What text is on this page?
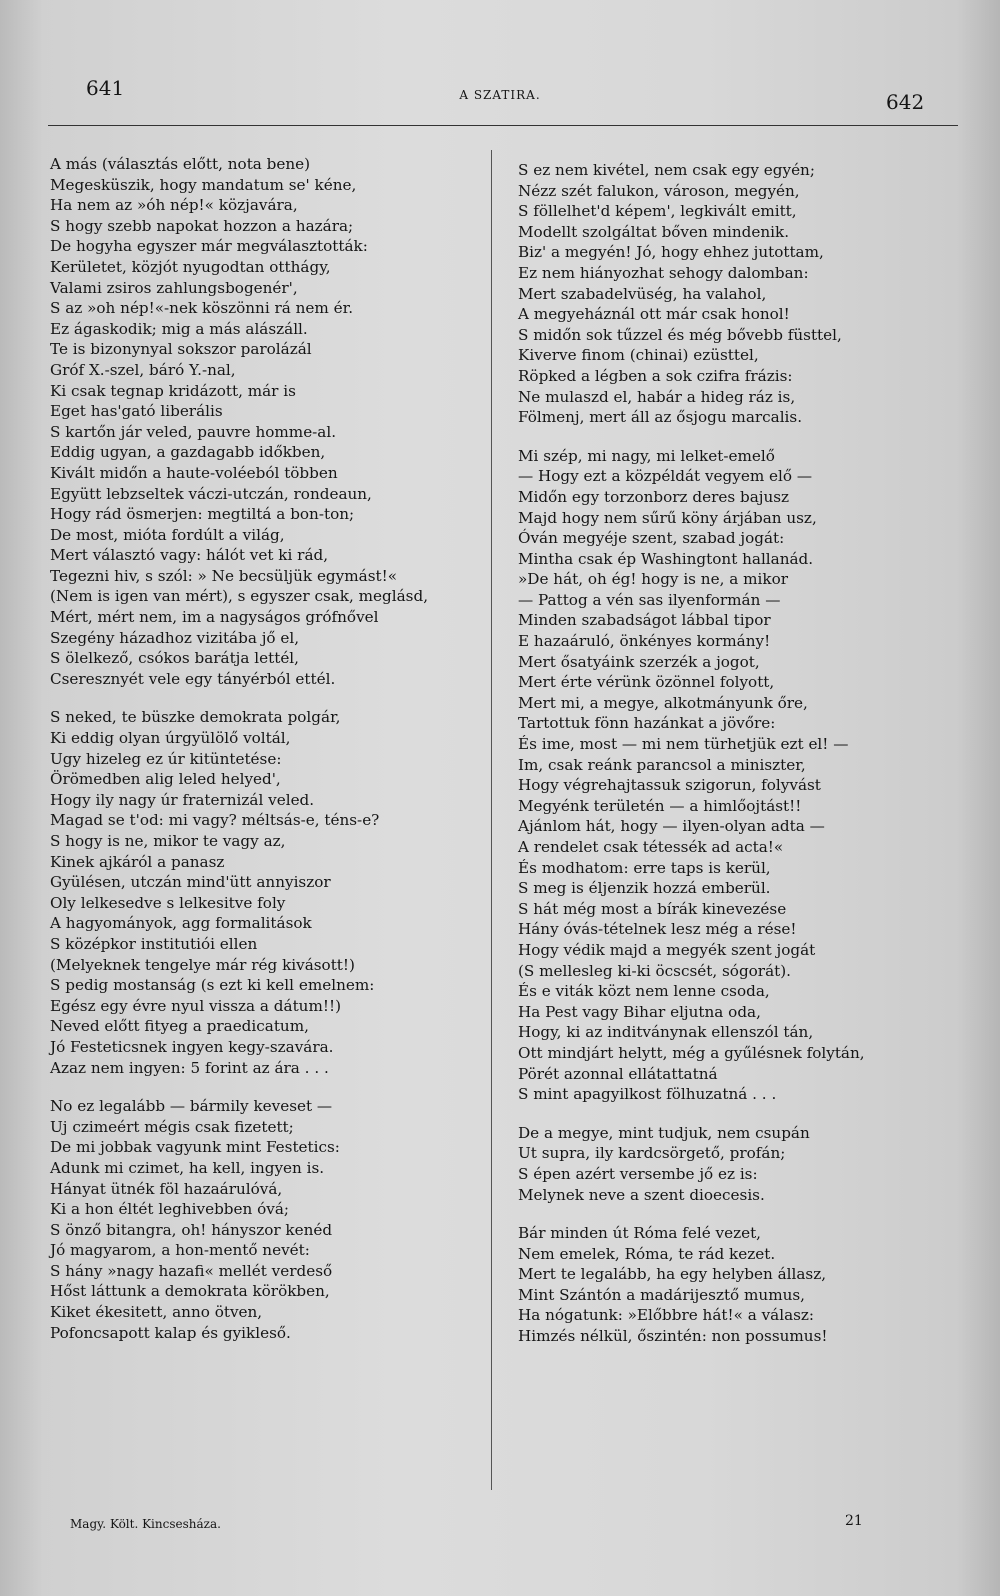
641	A SZATIRA.	642
A más (választás előtt, nota bene)
Megesküszik, hogy mandatum se' kéne,
Ha nem az »óh nép!« közjavára,
S hogy szebb napokat hozzon a hazára;
De hogyha egyszer már megválasztották:
Kerületet, közjót nyugodtan otthágy,
Valami zsiros zahlungsbogenér',
S az »oh nép!«-nek köszönni rá nem ér.
Ez ágaskodik; mig a más alászáll.
Te is bizonynyal sokszor parolázál
Gróf X.-szel, báró Y.-nal,
Ki csak tegnap kridázott, már is
Eget has'gató liberális
S kartőn jár veled, pauvre homme-al.
Eddig ugyan, a gazdagabb időkben,
Kivált midőn a haute-voléeból többen
Együtt lebzseltek váczi-utczán, rondeaun,
Hogy rád ösmerjen: megtiltá a bon-ton;
De most, mióta fordúlt a világ,
Mert választó vagy: hálót vet ki rád,
Tegezni hiv, s szól: » Ne becsüljük egymást!«
(Nem is igen van mért), s egyszer csak, meglásd,
Mért, mért nem, im a nagyságos grófnővel
Szegény házadhoz vizitába jő el,
S ölelkező, csókos barátja lettél,
Cseresznyét vele egy tányérból ettél.
S neked, te büszke demokrata polgár,
Ki eddig olyan úrgyülölő voltál,
Ugy hizeleg ez úr kitüntetése:
Örömedben alig leled helyed',
Hogy ily nagy úr fraternizál veled.
Magad se t'od: mi vagy? méltsás-e, téns-e?
S hogy is ne, mikor te vagy az,
Kinek ajkáról a panasz
Gyülésen, utczán mind'ütt annyiszor
Oly lelkesedve s lelkesitve foly
A hagyományok, agg formalitások
S középkor institutiói ellen
(Melyeknek tengelye már rég kivásott!)
S pedig mostanság (s ezt ki kell emelnem:
Egész egy évre nyul vissza a dátum!!)
Neved előtt fityeg a praedicatum,
Jó Festeticsnek ingyen kegy-szavára.
Azaz nem ingyen: 5 forint az ára . . .
No ez legalább — bármily keveset —
Uj czimeért mégis csak fizetett;
De mi jobbak vagyunk mint Festetics:
Adunk mi czimet, ha kell, ingyen is.
Hányat ütnék föl hazaárulóvá,
Ki a hon éltét leghivebben óvá;
S önző bitangra, oh! hányszor kenéd
Jó magyarom, a hon-mentő nevét:
S hány »nagy hazafi« mellét verdeső
Hőst láttunk a demokrata körökben,
Kiket ékesitett, anno ötven,
Pofoncsapott kalap és gyikleső.
S ez nem kivétel, nem csak egy egyén;
Nézz szét falukon, városon, megyén,
S föllelhet'd képem', legkivált emitt,
Modellt szolgáltat bőven mindenik.
Biz' a megyén! Jó, hogy ehhez jutottam,
Ez nem hiányozhat sehogy dalomban:
Mert szabadelvüség, ha valahol,
A megyeháznál ott már csak honol!
S midőn sok tűzzel és még bővebb füsttel,
Kiverve finom (chinai) ezüsttel,
Röpked a légben a sok czifra frázis:
Ne mulaszd el, habár a hideg ráz is,
Fölmenj, mert áll az ősjogu marcalis.
Mi szép, mi nagy, mi lelket-emelő
— Hogy ezt a közpéldát vegyem elő —
Midőn egy torzonborz deres bajusz
Majd hogy nem sűrű köny árjában usz,
Óván megyéje szent, szabad jogát:
Mintha csak ép Washingtont hallanád.
»De hát, oh ég! hogy is ne, a mikor
— Pattog a vén sas ilyenformán —
Minden szabadságot lábbal tipor
E hazaáruló, önkényes kormány!
Mert ősatyáink szerzék a jogot,
Mert érte vérünk özönnel folyott,
Mert mi, a megye, alkotmányunk őre,
Tartottuk fönn hazánkat a jövőre:
És ime, most — mi nem türhetjük ezt el! —
Im, csak reánk parancsol a miniszter,
Hogy végrehajtassuk szigorun, folyvást
Megyénk területén — a himlőojtást!!
Ajánlom hát, hogy — ilyen-olyan adta —
A rendelet csak tétessék ad acta!«
És modhatom: erre taps is kerül,
S meg is éljenzik hozzá emberül.
S hát még most a bírák kinevezése
Hány óvás-tételnek lesz még a rése!
Hogy védik majd a megyék szent jogát
(S mellesleg ki-ki öcscsét, sógorát).
És e viták közt nem lenne csoda,
Ha Pest vagy Bihar eljutna oda,
Hogy, ki az inditványnak ellenszól tán,
Ott mindjárt helytt, még a gyűlésnek folytán,
Pörét azonnal ellátattatná
S mint apagyilkost fölhuzatná . . .
De a megye, mint tudjuk, nem csupán
Ut supra, ily kardcsörgető, profán;
S épen azért versembe jő ez is:
Melynek neve a szent dioecesis.
Bár minden út Róma felé vezet,
Nem emelek, Róma, te rád kezet.
Mert te legalább, ha egy helyben állasz,
Mint Szántón a madárijesztő mumus,
Ha nógatunk: »Előbbre hát!« a válasz:
Himzés nélkül, őszintén: non possumus!
Magy. Költ. Kincsesháza.	21
